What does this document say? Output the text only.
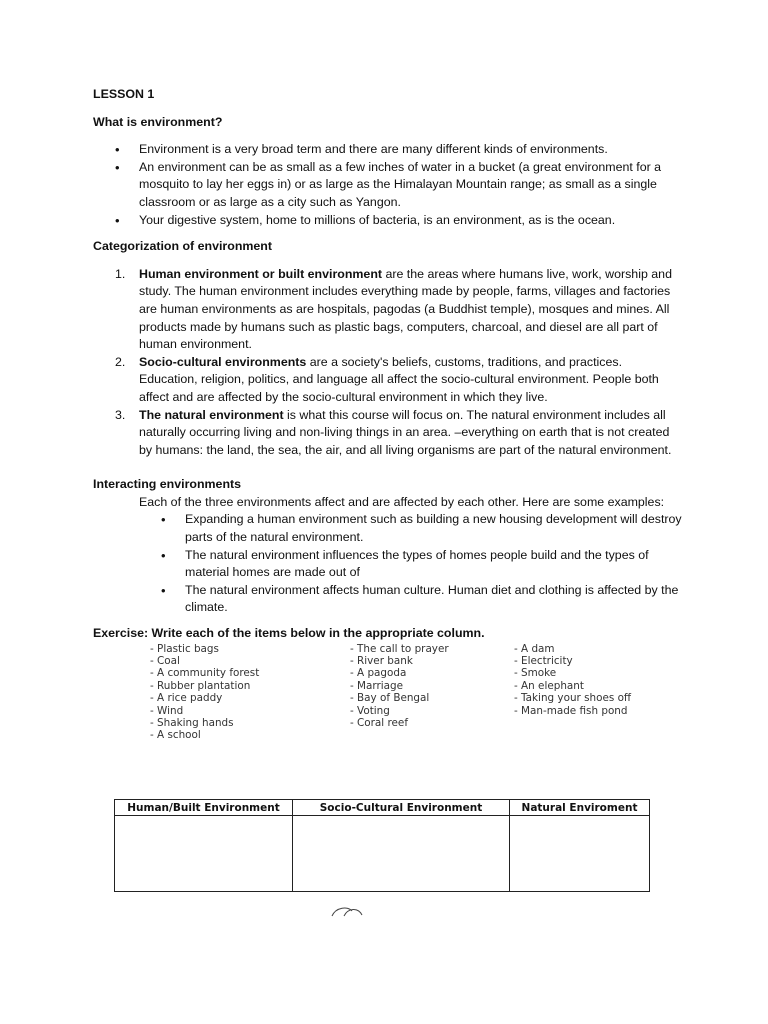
LESSON 1
What is environment?
• Environment is a very broad term and there are many different kinds of environments.
• An environment can be as small as a few inches of water in a bucket (a great environment for a mosquito to lay her eggs in) or as large as the Himalayan Mountain range; as small as a single classroom or as large as a city such as Yangon.
• Your digestive system, home to millions of bacteria, is an environment, as is the ocean.
Categorization of environment
1. Human environment or built environment are the areas where humans live, work, worship and study. The human environment includes everything made by people, farms, villages and factories are human environments as are hospitals, pagodas (a Buddhist temple), mosques and mines. All products made by humans such as plastic bags, computers, charcoal, and diesel are all part of human environment.
2. Socio-cultural environments are a society's beliefs, customs, traditions, and practices. Education, religion, politics, and language all affect the socio-cultural environment. People both affect and are affected by the socio-cultural environment in which they live.
3. The natural environment is what this course will focus on. The natural environment includes all naturally occurring living and non-living things in an area. –everything on earth that is not created by humans: the land, the sea, the air, and all living organisms are part of the natural environment.
Interacting environments
Each of the three environments affect and are affected by each other. Here are some examples:
• Expanding a human environment such as building a new housing development will destroy parts of the natural environment.
• The natural environment influences the types of homes people build and the types of material homes are made out of
• The natural environment affects human culture. Human diet and clothing is affected by the climate.

Exercise: Write each of the items below in the appropriate column.

- Plastic bags
- Coal
- A community forest
- Rubber plantation
- A rice paddy
- Wind
- Shaking hands
- A school
- The call to prayer
- River bank
- A pagoda
- Marriage
- Bay of Bengal
- Voting
- Coral reef
- A dam
- Electricity
- Smoke
- An elephant
- Taking your shoes off
- Man-made fish pond
Human/Built Environment	Socio-Cultural Environment	Natural Enviroment
